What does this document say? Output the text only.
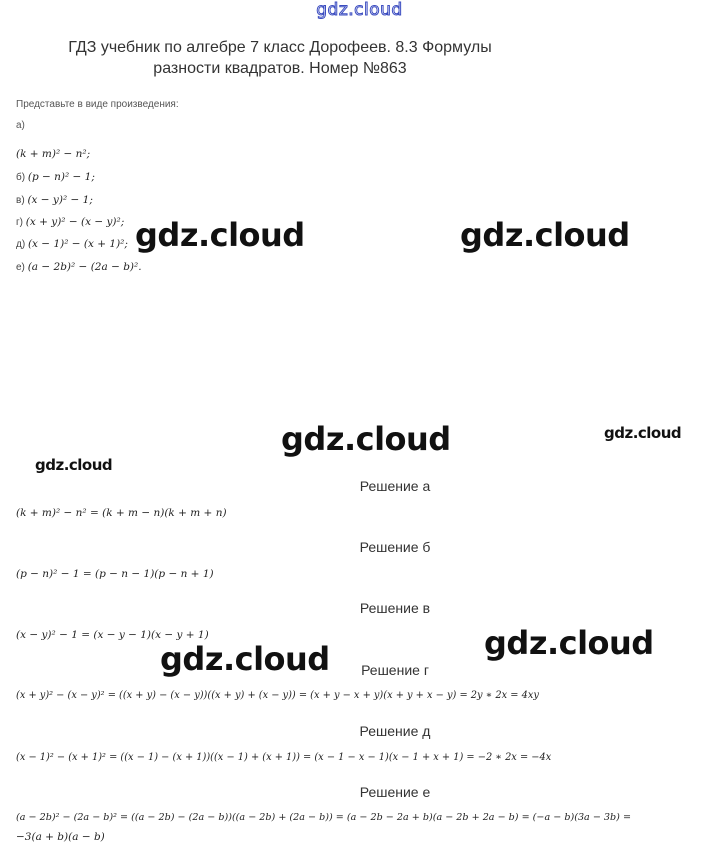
gdz.cloud
ГДЗ учебник по алгебре 7 класс Дорофеев. 8.3 Формулы
разности квадратов. Номер №863
Представьте в виде произведения:
а)
(k + m)² − n²;
б) (p − n)² − 1;
в) (x − y)² − 1;
г) (x + y)² − (x − y)²;
д) (x − 1)² − (x + 1)²;
е) (a − 2b)² − (2a − b)².
gdz.cloud	gdz.cloud
gdz.cloud	gdz.cloud
gdz.cloud
gdz.cloud
gdz.cloud
Решение а
(k + m)² − n² = (k + m − n)(k + m + n)
Решение б
(p − n)² − 1 = (p − n − 1)(p − n + 1)
Решение в
(x − y)² − 1 = (x − y − 1)(x − y + 1)
Решение г
(x + y)² − (x − y)² = ((x + y) − (x − y))((x + y) + (x − y)) = (x + y − x + y)(x + y + x − y) = 2y ∗ 2x = 4xy
Решение д
(x − 1)² − (x + 1)² = ((x − 1) − (x + 1))((x − 1) + (x + 1)) = (x − 1 − x − 1)(x − 1 + x + 1) = −2 ∗ 2x = −4x
Решение е
(a − 2b)² − (2a − b)² = ((a − 2b) − (2a − b))((a − 2b) + (2a − b)) = (a − 2b − 2a + b)(a − 2b + 2a − b) = (−a − b)(3a − 3b) =
−3(a + b)(a − b)
